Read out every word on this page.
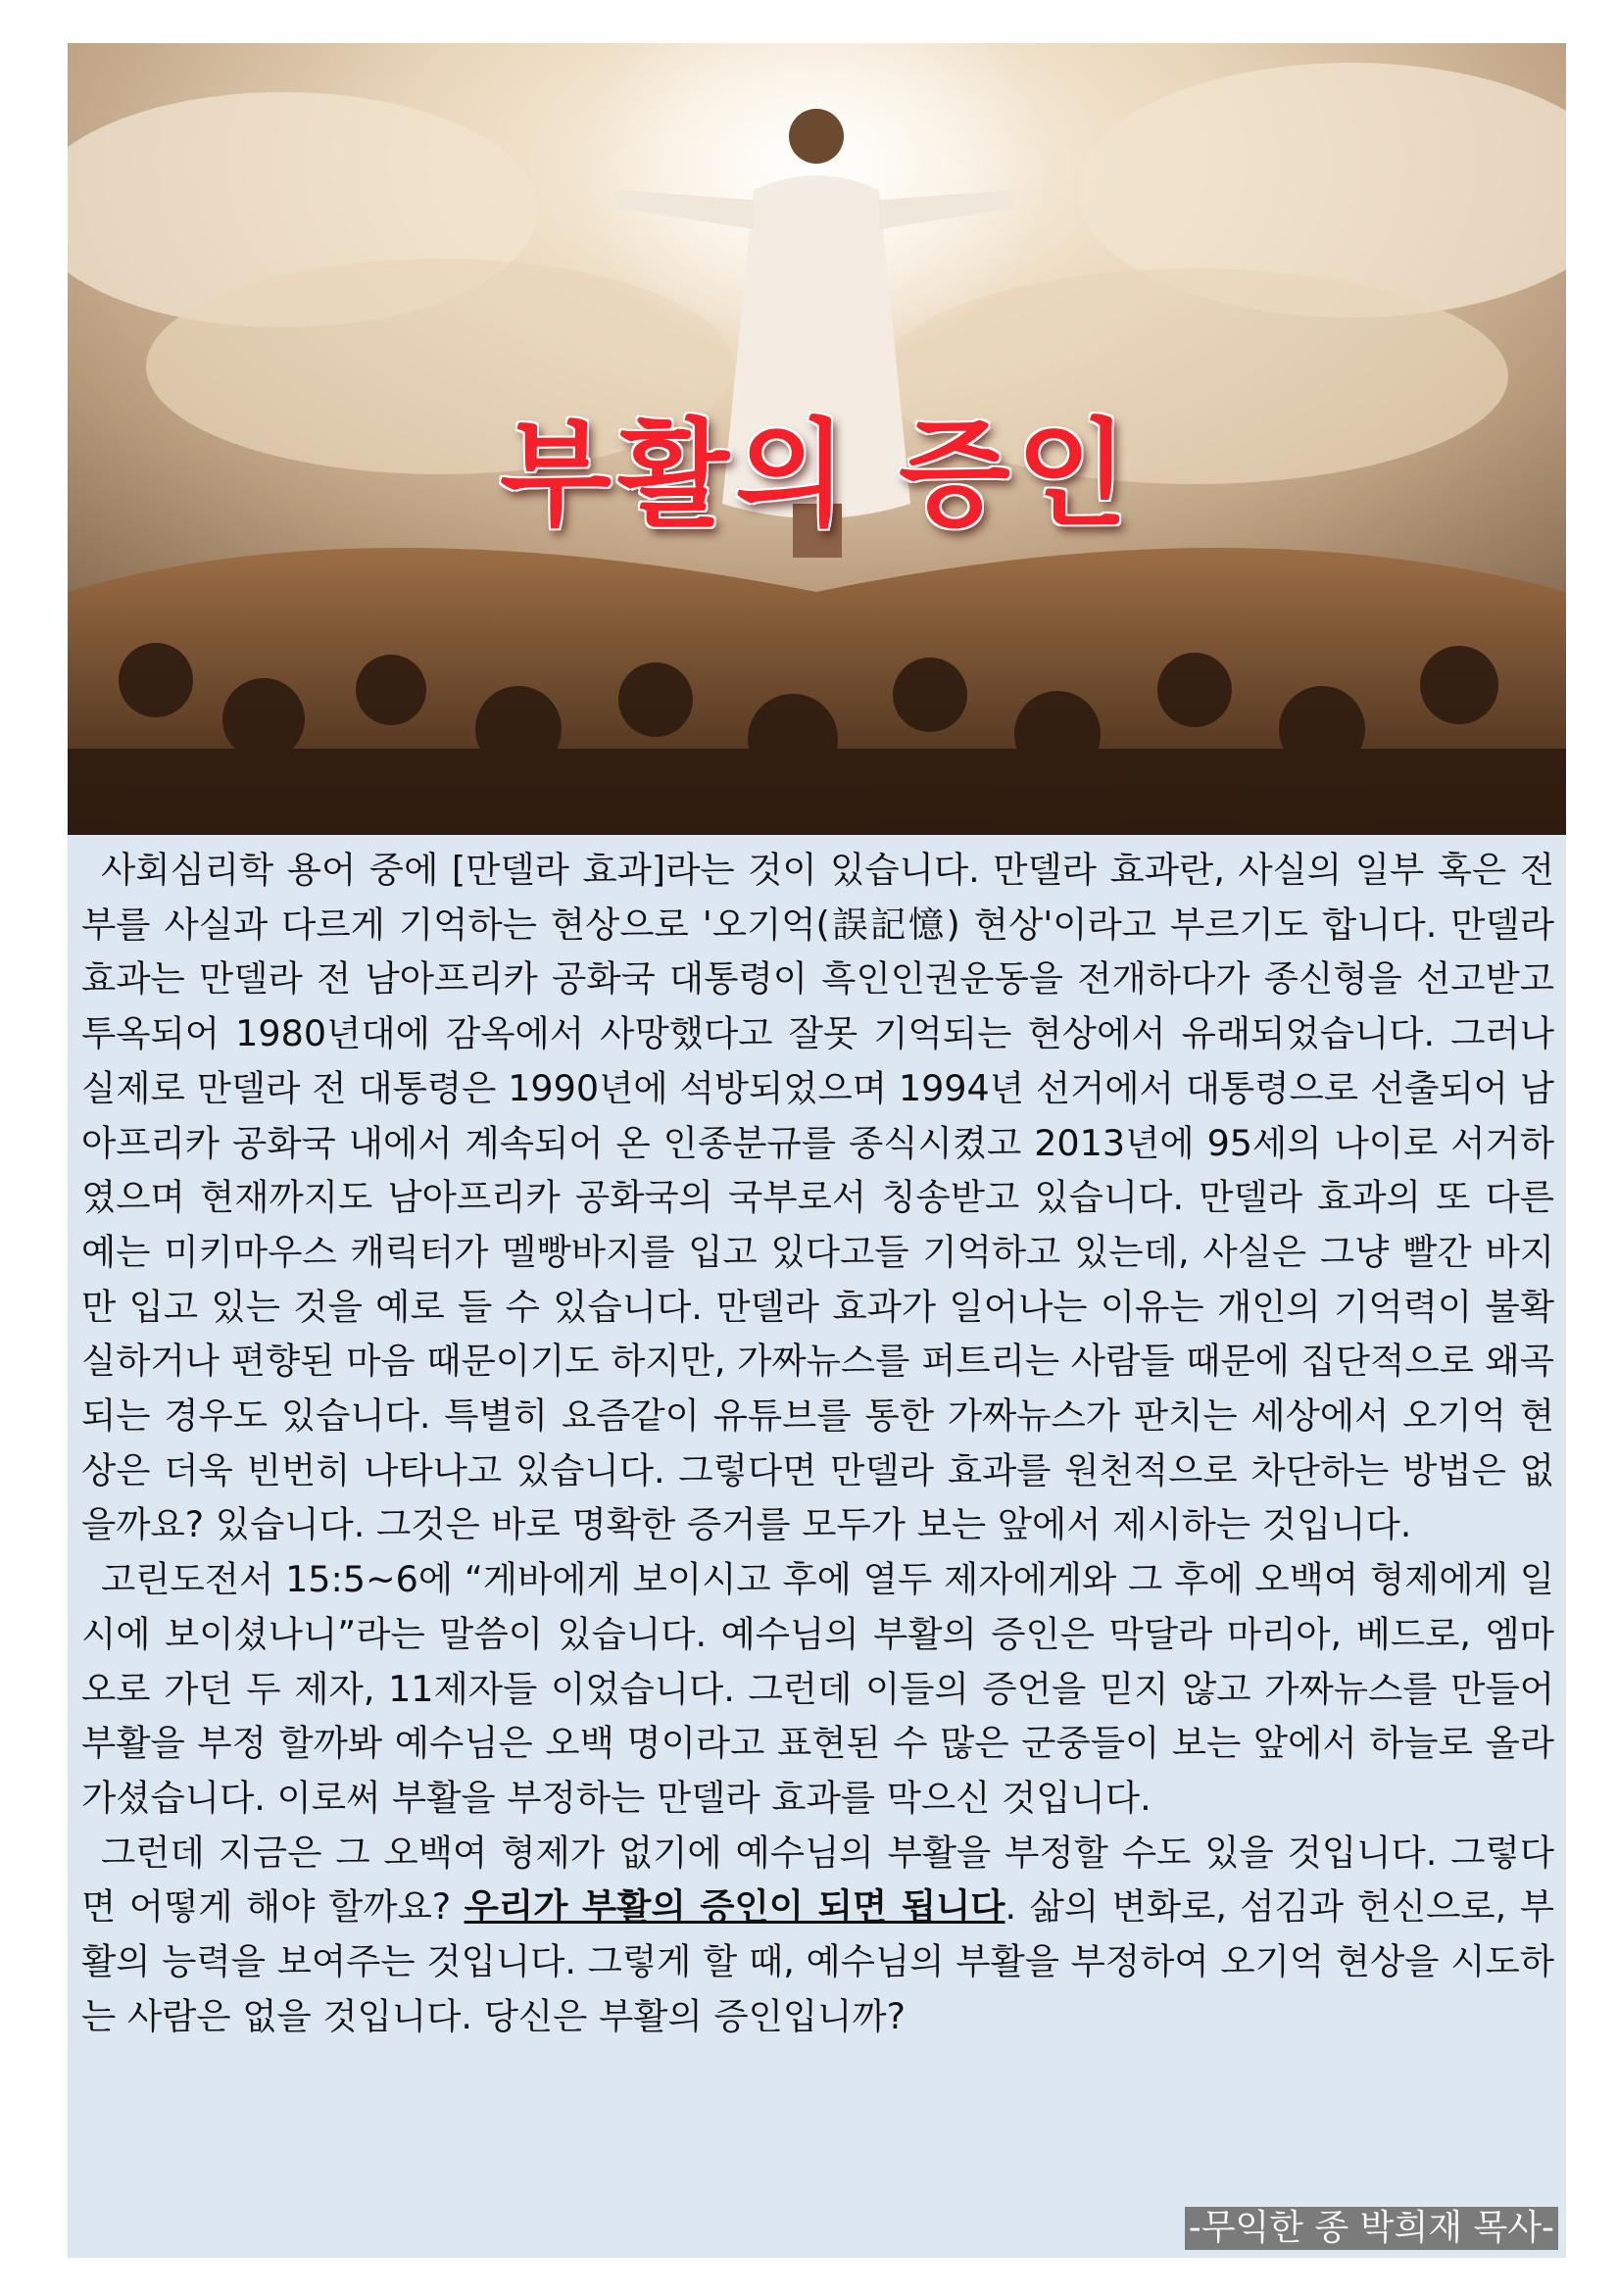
부활의 증인

사회심리학 용어 중에 [만델라 효과]라는 것이 있습니다. 만델라 효과란, 사실의 일부 혹은 전부를 사실과 다르게 기억하는 현상으로 '오기억(誤記憶) 현상'이라고 부르기도 합니다. 만델라 효과는 만델라 전 남아프리카 공화국 대통령이 흑인인권운동을 전개하다가 종신형을 선고받고 투옥되어 1980년대에 감옥에서 사망했다고 잘못 기억되는 현상에서 유래되었습니다. 그러나 실제로 만델라 전 대통령은 1990년에 석방되었으며 1994년 선거에서 대통령으로 선출되어 남아프리카 공화국 내에서 계속되어 온 인종분규를 종식시켰고 2013년에 95세의 나이로 서거하였으며 현재까지도 남아프리카 공화국의 국부로서 칭송받고 있습니다. 만델라 효과의 또 다른 예는 미키마우스 캐릭터가 멜빵바지를 입고 있다고들 기억하고 있는데, 사실은 그냥 빨간 바지만 입고 있는 것을 예로 들 수 있습니다. 만델라 효과가 일어나는 이유는 개인의 기억력이 불확실하거나 편향된 마음 때문이기도 하지만, 가짜뉴스를 퍼트리는 사람들 때문에 집단적으로 왜곡되는 경우도 있습니다. 특별히 요즘같이 유튜브를 통한 가짜뉴스가 판치는 세상에서 오기억 현상은 더욱 빈번히 나타나고 있습니다. 그렇다면 만델라 효과를 원천적으로 차단하는 방법은 없을까요? 있습니다. 그것은 바로 명확한 증거를 모두가 보는 앞에서 제시하는 것입니다.

고린도전서 15:5~6에 “게바에게 보이시고 후에 열두 제자에게와 그 후에 오백여 형제에게 일시에 보이셨나니”라는 말씀이 있습니다. 예수님의 부활의 증인은 막달라 마리아, 베드로, 엠마오로 가던 두 제자, 11제자들 이었습니다. 그런데 이들의 증언을 믿지 않고 가짜뉴스를 만들어 부활을 부정 할까봐 예수님은 오백 명이라고 표현된 수 많은 군중들이 보는 앞에서 하늘로 올라가셨습니다. 이로써 부활을 부정하는 만델라 효과를 막으신 것입니다.

그런데 지금은 그 오백여 형제가 없기에 예수님의 부활을 부정할 수도 있을 것입니다. 그렇다면 어떻게 해야 할까요? 우리가 부활의 증인이 되면 됩니다. 삶의 변화로, 섬김과 헌신으로, 부활의 능력을 보여주는 것입니다. 그렇게 할 때, 예수님의 부활을 부정하여 오기억 현상을 시도하는 사람은 없을 것입니다. 당신은 부활의 증인입니까?

-무익한 종 박희재 목사-
